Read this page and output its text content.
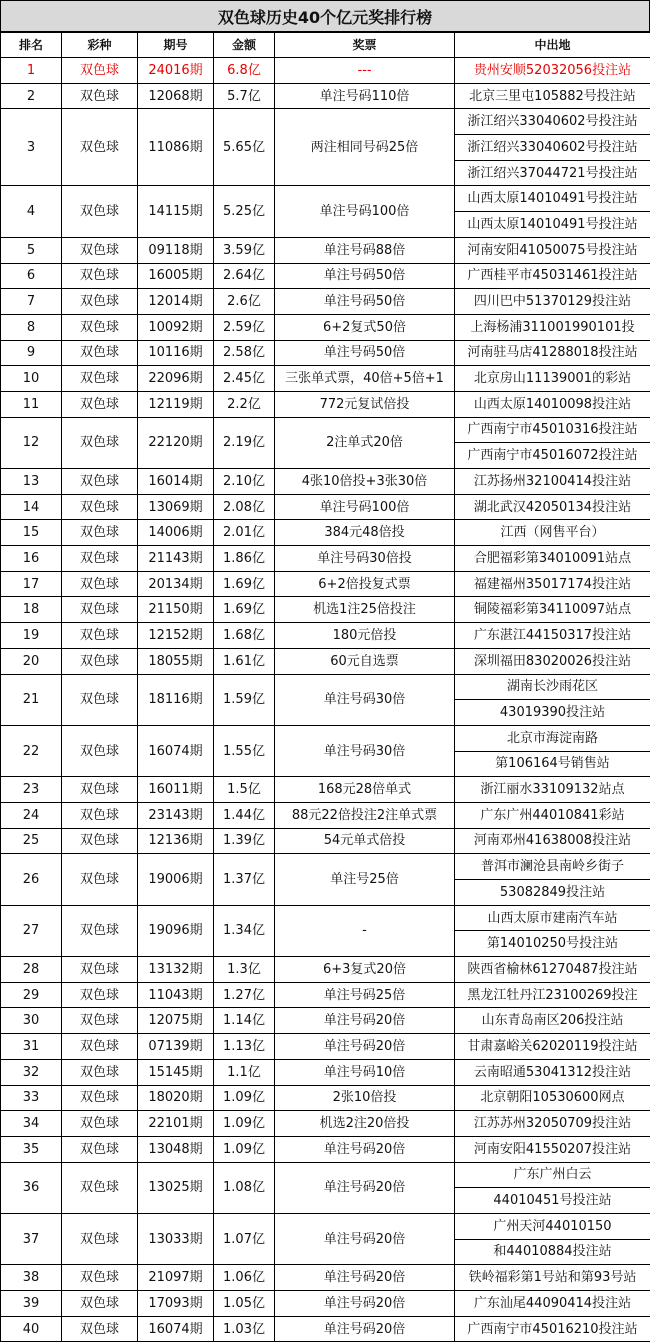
双色球历史40个亿元奖排行榜
排名	彩种	期号	金额	奖票	中出地
1	双色球	24016期	6.8亿	---	贵州安顺52032056投注站
2	双色球	12068期	5.7亿	单注号码110倍	北京三里屯105882号投注站
3	双色球	11086期	5.65亿	两注相同号码25倍	浙江绍兴33040602号投注站
					浙江绍兴33040602号投注站
					浙江绍兴37044721号投注站
4	双色球	14115期	5.25亿	单注号码100倍	山西太原14010491号投注站
					山西太原14010491号投注站
5	双色球	09118期	3.59亿	单注号码88倍	河南安阳41050075号投注站
6	双色球	16005期	2.64亿	单注号码50倍	广西桂平市45031461投注站
7	双色球	12014期	2.6亿	单注号码50倍	四川巴中51370129投注站
8	双色球	10092期	2.59亿	6+2复式50倍	上海杨浦311001990101投
9	双色球	10116期	2.58亿	单注号码50倍	河南驻马店41288018投注站
10	双色球	22096期	2.45亿	三张单式票，40倍+5倍+1	北京房山11139001的彩站
11	双色球	12119期	2.2亿	772元复试倍投	山西太原14010098投注站
12	双色球	22120期	2.19亿	2注单式20倍	广西南宁市45010316投注站
					广西南宁市45016072投注站
13	双色球	16014期	2.10亿	4张10倍投+3张30倍	江苏扬州32100414投注站
14	双色球	13069期	2.08亿	单注号码100倍	湖北武汉42050134投注站
15	双色球	14006期	2.01亿	384元48倍投	江西（网售平台）
16	双色球	21143期	1.86亿	单注号码30倍投	合肥福彩第34010091站点
17	双色球	20134期	1.69亿	6+2倍投复式票	福建福州35017174投注站
18	双色球	21150期	1.69亿	机选1注25倍投注	铜陵福彩第34110097站点
19	双色球	12152期	1.68亿	180元倍投	广东湛江44150317投注站
20	双色球	18055期	1.61亿	60元自选票	深圳福田83020026投注站
21	双色球	18116期	1.59亿	单注号码30倍	湖南长沙雨花区
					43019390投注站
22	双色球	16074期	1.55亿	单注号码30倍	北京市海淀南路
					第106164号销售站
23	双色球	16011期	1.5亿	168元28倍单式	浙江丽水33109132站点
24	双色球	23143期	1.44亿	88元22倍投注2注单式票	广东广州44010841彩站
25	双色球	12136期	1.39亿	54元单式倍投	河南邓州41638008投注站
26	双色球	19006期	1.37亿	单注号25倍	普洱市澜沧县南岭乡街子
					53082849投注站
27	双色球	19096期	1.34亿	-	山西太原市建南汽车站
					第14010250号投注站
28	双色球	13132期	1.3亿	6+3复式20倍	陕西省榆林61270487投注站
29	双色球	11043期	1.27亿	单注号码25倍	黑龙江牡丹江23100269投注
30	双色球	12075期	1.14亿	单注号码20倍	山东青岛南区206投注站
31	双色球	07139期	1.13亿	单注号码20倍	甘肃嘉峪关62020119投注站
32	双色球	15145期	1.1亿	单注号码10倍	云南昭通53041312投注站
33	双色球	18020期	1.09亿	2张10倍投	北京朝阳10530600网点
34	双色球	22101期	1.09亿	机选2注20倍投	江苏苏州32050709投注站
35	双色球	13048期	1.09亿	单注号码20倍	河南安阳41550207投注站
36	双色球	13025期	1.08亿	单注号码20倍	广东广州白云
					44010451号投注站
37	双色球	13033期	1.07亿	单注号码20倍	广州天河44010150
					和44010884投注站
38	双色球	21097期	1.06亿	单注号码20倍	铁岭福彩第1号站和第93号站
39	双色球	17093期	1.05亿	单注号码20倍	广东汕尾44090414投注站
40	双色球	16074期	1.03亿	单注号码20倍	广西南宁市45016210投注站
